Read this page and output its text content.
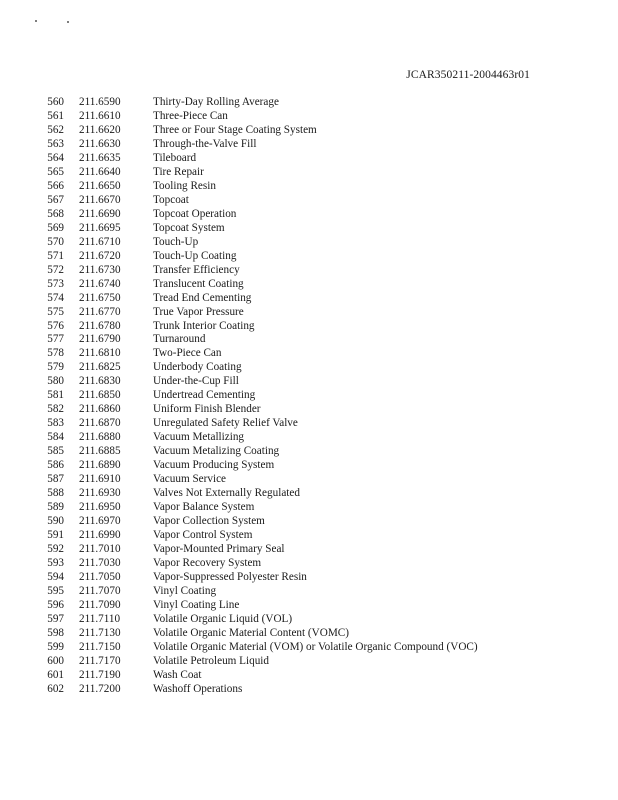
JCAR350211-2004463r01
560 211.6590	Thirty-Day Rolling Average
561 211.6610	Three-Piece Can
562 211.6620	Three or Four Stage Coating System
563 211.6630	Through-the-Valve Fill
564 211.6635	Tileboard
565 211.6640	Tire Repair
566 211.6650	Tooling Resin
567 211.6670	Topcoat
568 211.6690	Topcoat Operation
569 211.6695	Topcoat System
570 211.6710	Touch-Up
571 211.6720	Touch-Up Coating
572 211.6730	Transfer Efficiency
573 211.6740	Translucent Coating
574 211.6750	Tread End Cementing
575 211.6770	True Vapor Pressure
576 211.6780	Trunk Interior Coating
577 211.6790	Turnaround
578 211.6810	Two-Piece Can
579 211.6825	Underbody Coating
580 211.6830	Under-the-Cup Fill
581 211.6850	Undertread Cementing
582 211.6860	Uniform Finish Blender
583 211.6870	Unregulated Safety Relief Valve
584 211.6880	Vacuum Metallizing
585 211.6885	Vacuum Metalizing Coating
586 211.6890	Vacuum Producing System
587 211.6910	Vacuum Service
588 211.6930	Valves Not Externally Regulated
589 211.6950	Vapor Balance System
590 211.6970	Vapor Collection System
591 211.6990	Vapor Control System
592 211.7010	Vapor-Mounted Primary Seal
593 211.7030	Vapor Recovery System
594 211.7050	Vapor-Suppressed Polyester Resin
595 211.7070	Vinyl Coating
596 211.7090	Vinyl Coating Line
597 211.7110	Volatile Organic Liquid (VOL)
598 211.7130	Volatile Organic Material Content (VOMC)
599 211.7150	Volatile Organic Material (VOM) or Volatile Organic Compound (VOC)
600 211.7170	Volatile Petroleum Liquid
601 211.7190	Wash Coat
602 211.7200	Washoff Operations
